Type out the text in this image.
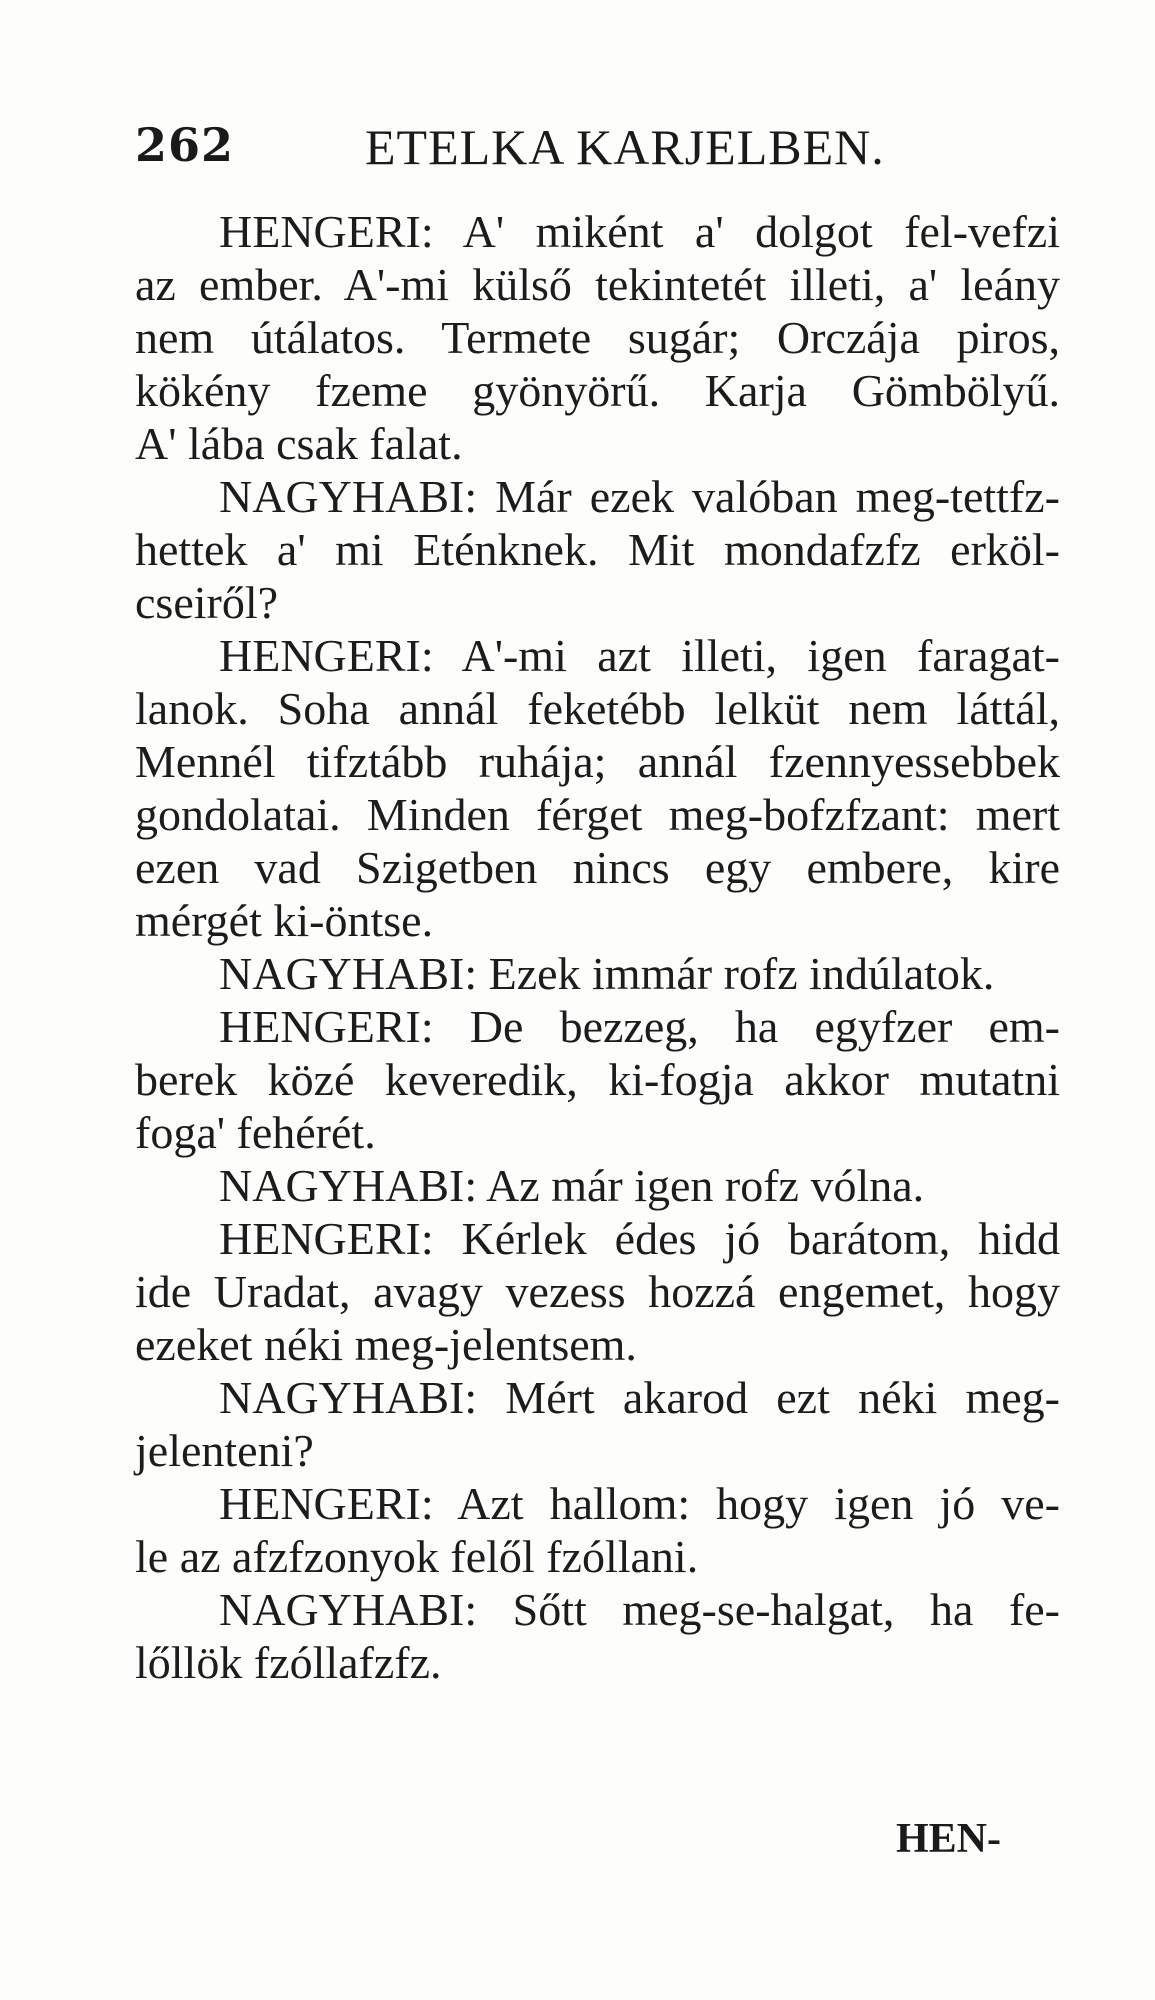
262	ETELKA KARJELBEN.
HENGERI: A' miként a' dolgot fel-vefzi
az ember. A'-mi külső tekintetét illeti, a' leány
nem útálatos. Termete sugár; Orczája piros,
kökény fzeme gyönyörű. Karja Gömbölyű.
A' lába csak falat.
NAGYHABI: Már ezek valóban meg-tettfz-
hettek a' mi Eténknek. Mit mondafzfz erköl-
cseiről?
HENGERI: A'-mi azt illeti, igen faragat-
lanok. Soha annál feketébb lelküt nem láttál,
Mennél tifztább ruhája; annál fzennyessebbek
gondolatai. Minden férget meg-bofzfzant: mert
ezen vad Szigetben nincs egy embere, kire
mérgét ki-öntse.
NAGYHABI: Ezek immár rofz indúlatok.
HENGERI: De bezzeg, ha egyfzer em-
berek közé keveredik, ki-fogja akkor mutatni
foga' fehérét.
NAGYHABI: Az már igen rofz vólna.
HENGERI: Kérlek édes jó barátom, hidd
ide Uradat, avagy vezess hozzá engemet, hogy
ezeket néki meg-jelentsem.
NAGYHABI: Mért akarod ezt néki meg-
jelenteni?
HENGERI: Azt hallom: hogy igen jó ve-
le az afzfzonyok felől fzóllani.
NAGYHABI: Sőtt meg-se-halgat, ha fe-
lőllök fzóllafzfz.
HEN-
